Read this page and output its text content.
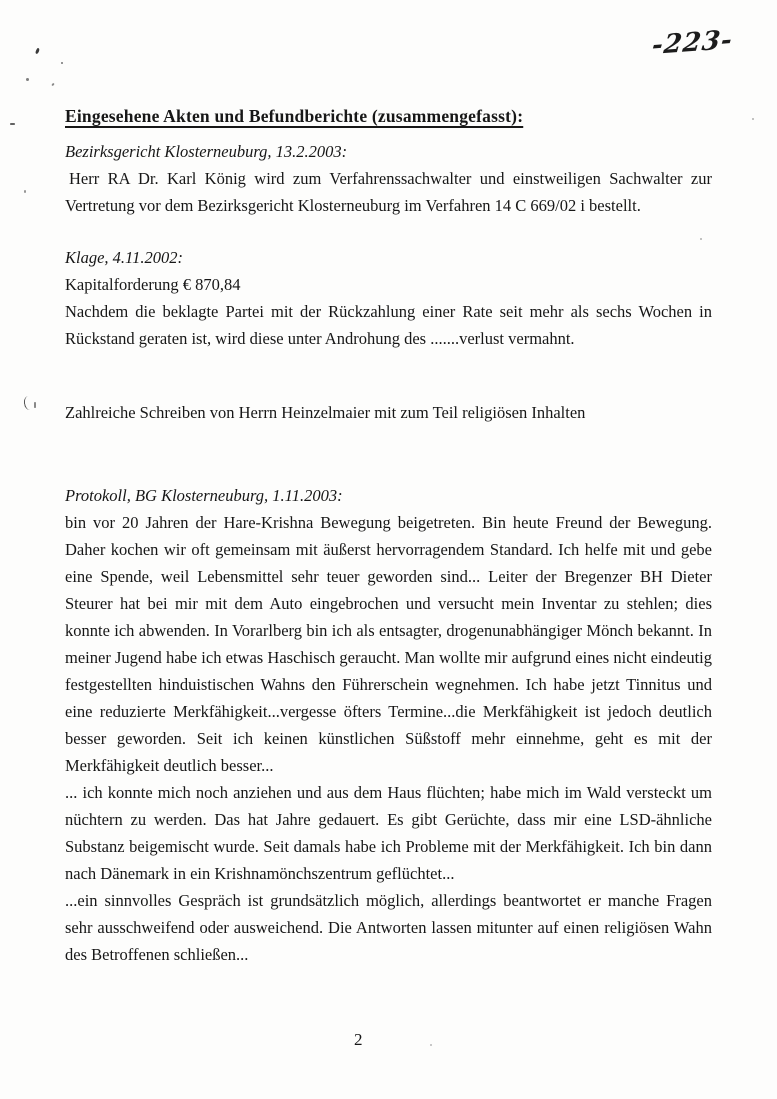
-223-
Eingesehene Akten und Befundberichte (zusammengefasst):

Bezirksgericht Klosterneuburg, 13.2.2003:

Herr RA Dr. Karl König wird zum Verfahrenssachwalter und einstweiligen Sachwalter zur Vertretung vor dem Bezirksgericht Klosterneuburg im Verfahren 14 C 669/02 i bestellt.

Klage, 4.11.2002:

Kapitalforderung € 870,84

Nachdem die beklagte Partei mit der Rückzahlung einer Rate seit mehr als sechs Wochen in Rückstand geraten ist, wird diese unter Androhung des .......verlust vermahnt.

Zahlreiche Schreiben von Herrn Heinzelmaier mit zum Teil religiösen Inhalten

Protokoll, BG Klosterneuburg, 1.11.2003:

bin vor 20 Jahren der Hare-Krishna Bewegung beigetreten. Bin heute Freund der Bewegung. Daher kochen wir oft gemeinsam mit äußerst hervorragendem Standard. Ich helfe mit und gebe eine Spende, weil Lebensmittel sehr teuer geworden sind... Leiter der Bregenzer BH Dieter Steurer hat bei mir mit dem Auto eingebrochen und versucht mein Inventar zu stehlen; dies konnte ich abwenden. In Vorarlberg bin ich als entsagter, drogenunabhängiger Mönch bekannt. In meiner Jugend habe ich etwas Haschisch geraucht. Man wollte mir aufgrund eines nicht eindeutig festgestellten hinduistischen Wahns den Führerschein wegnehmen. Ich habe jetzt Tinnitus und eine reduzierte Merkfähigkeit...vergesse öfters Termine...die Merkfähigkeit ist jedoch deutlich besser geworden. Seit ich keinen künstlichen Süßstoff mehr einnehme, geht es mit der Merkfähigkeit deutlich besser...

... ich konnte mich noch anziehen und aus dem Haus flüchten; habe mich im Wald versteckt um nüchtern zu werden. Das hat Jahre gedauert. Es gibt Gerüchte, dass mir eine LSD-ähnliche Substanz beigemischt wurde. Seit damals habe ich Probleme mit der Merkfähigkeit. Ich bin dann nach Dänemark in ein Krishnamönchszentrum geflüchtet...

...ein sinnvolles Gespräch ist grundsätzlich möglich, allerdings beantwortet er manche Fragen sehr ausschweifend oder ausweichend. Die Antworten lassen mitunter auf einen religiösen Wahn des Betroffenen schließen...

2
